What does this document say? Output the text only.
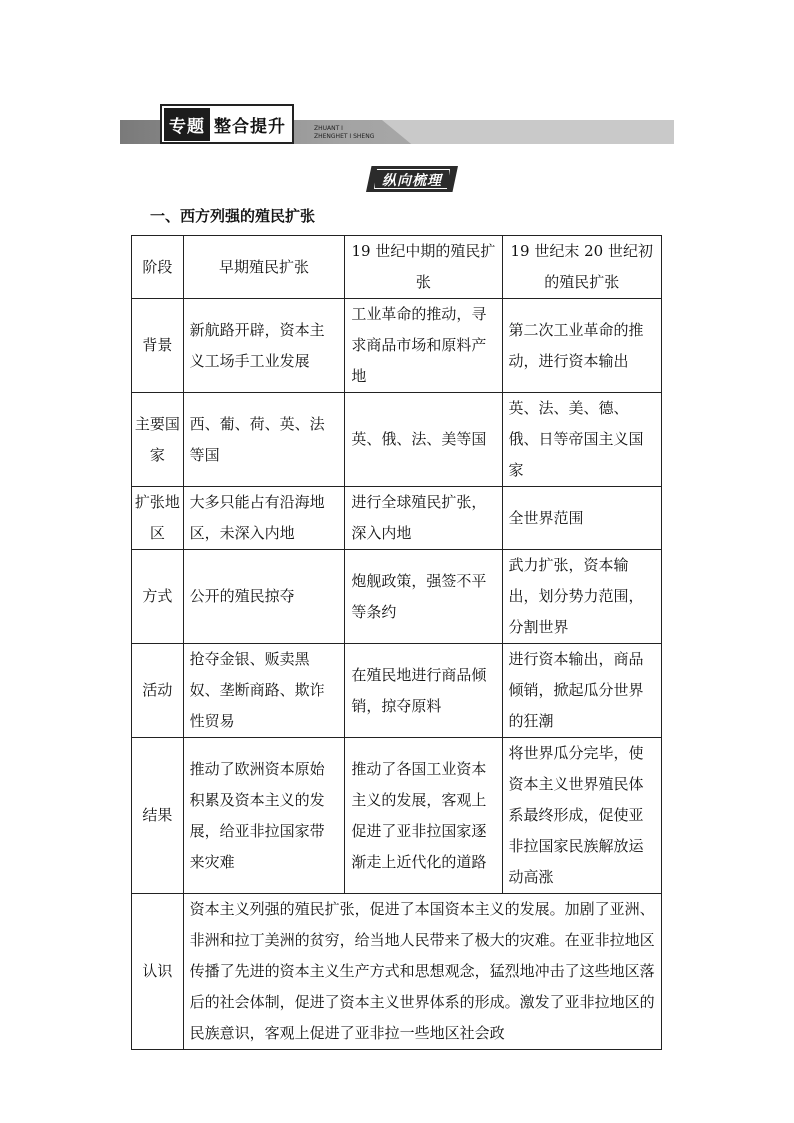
专题 整合提升	ZHUANT I
ZHENGHET I SHENG
纵向梳理
一、西方列强的殖民扩张
阶段	早期殖民扩张	19 世纪中期的殖民扩张	19 世纪末 20 世纪初的殖民扩张
背景	新航路开辟，资本主义工场手工业发展	工业革命的推动，寻求商品市场和原料产地	第二次工业革命的推动，进行资本输出
主要国家	西、葡、荷、英、法等国	英、俄、法、美等国	英、法、美、德、俄、日等帝国主义国家
扩张地区	大多只能占有沿海地区，未深入内地	进行全球殖民扩张，深入内地	全世界范围
方式	公开的殖民掠夺	炮舰政策，强签不平等条约	武力扩张，资本输出，划分势力范围，分割世界
活动	抢夺金银、贩卖黑奴、垄断商路、欺诈性贸易	在殖民地进行商品倾销，掠夺原料	进行资本输出，商品倾销，掀起瓜分世界的狂潮
结果	推动了欧洲资本原始积累及资本主义的发展，给亚非拉国家带来灾难	推动了各国工业资本主义的发展，客观上促进了亚非拉国家逐渐走上近代化的道路	将世界瓜分完毕，使资本主义世界殖民体系最终形成，促使亚非拉国家民族解放运动高涨
认识	资本主义列强的殖民扩张，促进了本国资本主义的发展。加剧了亚洲、非洲和拉丁美洲的贫穷，给当地人民带来了极大的灾难。在亚非拉地区传播了先进的资本主义生产方式和思想观念，猛烈地冲击了这些地区落后的社会体制，促进了资本主义世界体系的形成。激发了亚非拉地区的民族意识，客观上促进了亚非拉一些地区社会政		
